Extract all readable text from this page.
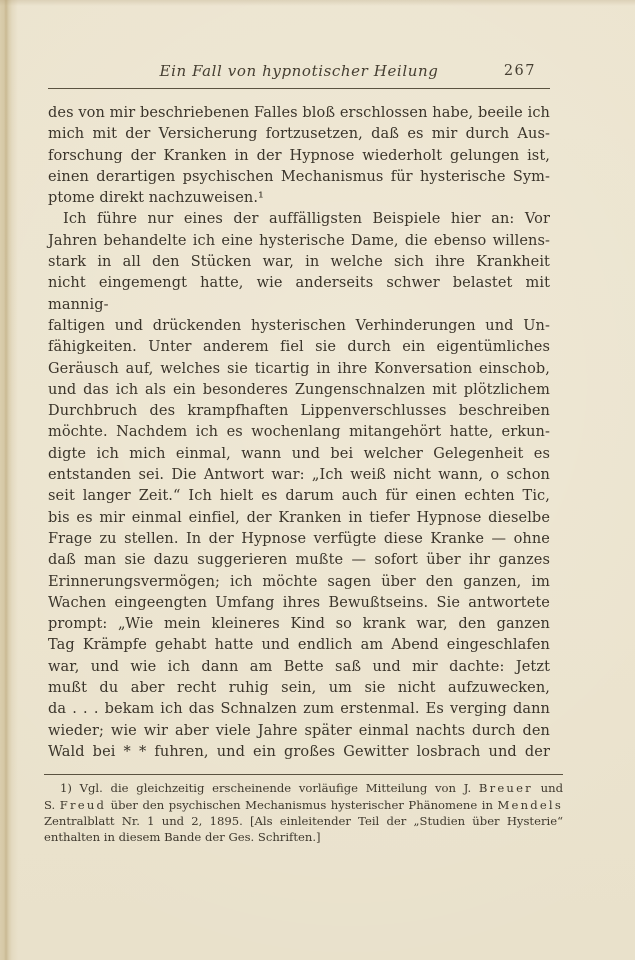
Ein Fall von hypnotischer Heilung	267
des von mir beschriebenen Falles bloß erschlossen habe, beeile ich
mich mit der Versicherung fortzusetzen, daß es mir durch Aus-
forschung der Kranken in der Hypnose wiederholt gelungen ist,
einen derartigen psychischen Mechanismus für hysterische Sym-
ptome direkt nachzuweisen.¹
Ich führe nur eines der auffälligsten Beispiele hier an: Vor
Jahren behandelte ich eine hysterische Dame, die ebenso willens-
stark in all den Stücken war, in welche sich ihre Krankheit
nicht eingemengt hatte, wie anderseits schwer belastet mit mannig-
faltigen und drückenden hysterischen Verhinderungen und Un-
fähigkeiten. Unter anderem fiel sie durch ein eigentümliches
Geräusch auf, welches sie ticartig in ihre Konversation einschob,
und das ich als ein besonderes Zungenschnalzen mit plötzlichem
Durchbruch des krampfhaften Lippenverschlusses beschreiben
möchte. Nachdem ich es wochenlang mitangehört hatte, erkun-
digte ich mich einmal, wann und bei welcher Gelegenheit es
entstanden sei. Die Antwort war: „Ich weiß nicht wann, o schon
seit langer Zeit.“ Ich hielt es darum auch für einen echten Tic,
bis es mir einmal einfiel, der Kranken in tiefer Hypnose dieselbe
Frage zu stellen. In der Hypnose verfügte diese Kranke — ohne
daß man sie dazu suggerieren mußte — sofort über ihr ganzes
Erinnerungsvermögen; ich möchte sagen über den ganzen, im
Wachen eingeengten Umfang ihres Bewußtseins. Sie antwortete
prompt: „Wie mein kleineres Kind so krank war, den ganzen
Tag Krämpfe gehabt hatte und endlich am Abend eingeschlafen
war, und wie ich dann am Bette saß und mir dachte: Jetzt
mußt du aber recht ruhig sein, um sie nicht aufzuwecken,
da . . . bekam ich das Schnalzen zum erstenmal. Es verging dann
wieder; wie wir aber viele Jahre später einmal nachts durch den
Wald bei * * fuhren, und ein großes Gewitter losbrach und der
1) Vgl. die gleichzeitig erscheinende vorläufige Mitteilung von J. Breuer und
S. Freud über den psychischen Mechanismus hysterischer Phänomene in Mendels
Zentralblatt Nr. 1 und 2, 1895. [Als einleitender Teil der „Studien über Hysterie“
enthalten in diesem Bande der Ges. Schriften.]
